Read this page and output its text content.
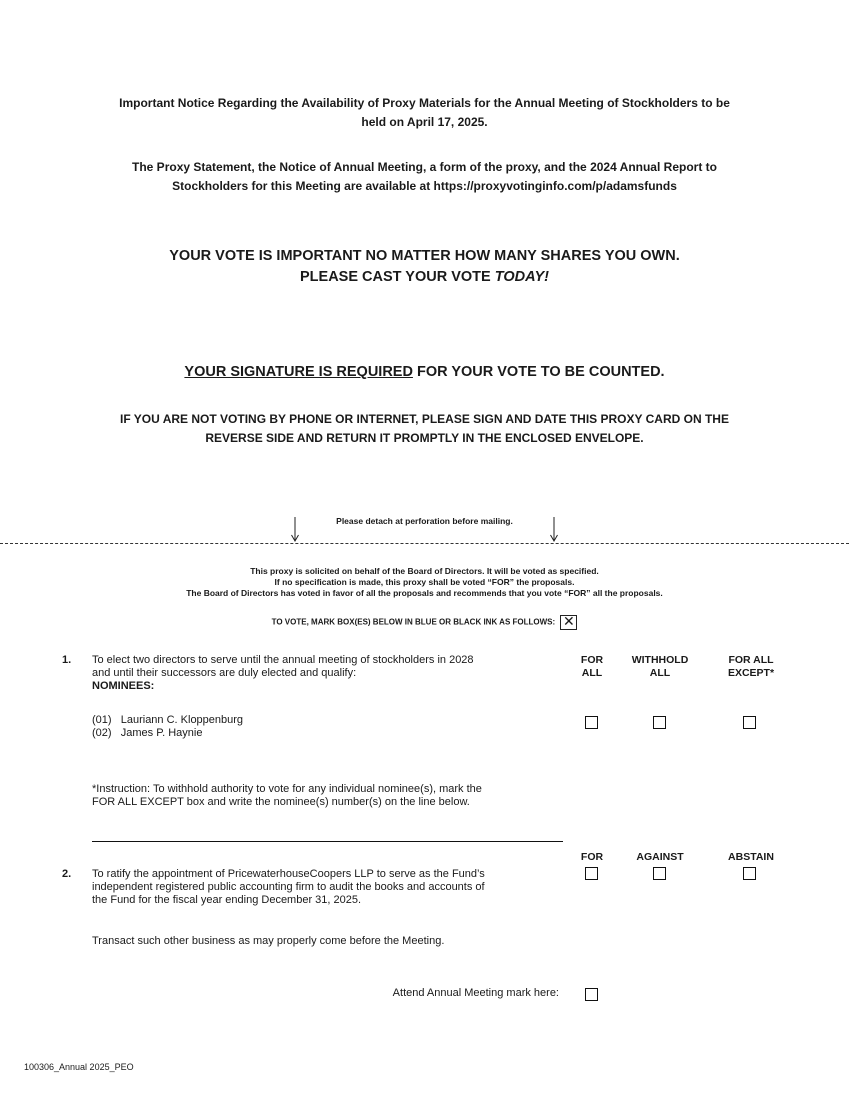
Important Notice Regarding the Availability of Proxy Materials for the Annual Meeting of Stockholders to be
held on April 17, 2025.
The Proxy Statement, the Notice of Annual Meeting, a form of the proxy, and the 2024 Annual Report to
Stockholders for this Meeting are available at https://proxyvotinginfo.com/p/adamsfunds
YOUR VOTE IS IMPORTANT NO MATTER HOW MANY SHARES YOU OWN.
PLEASE CAST YOUR VOTE TODAY!
YOUR SIGNATURE IS REQUIRED FOR YOUR VOTE TO BE COUNTED.
IF YOU ARE NOT VOTING BY PHONE OR INTERNET, PLEASE SIGN AND DATE THIS PROXY CARD ON THE
REVERSE SIDE AND RETURN IT PROMPTLY IN THE ENCLOSED ENVELOPE.
Please detach at perforation before mailing.
This proxy is solicited on behalf of the Board of Directors. It will be voted as specified.
If no specification is made, this proxy shall be voted “FOR” the proposals.
The Board of Directors has voted in favor of all the proposals and recommends that you vote “FOR” all the proposals.
TO VOTE, MARK BOX(ES) BELOW IN BLUE OR BLACK INK AS FOLLOWS: ✕
1. To elect two directors to serve until the annual meeting of stockholders in 2028
and until their successors are duly elected and qualify:
NOMINEES:
FOR
ALL
WITHHOLD
ALL
FOR ALL
EXCEPT*
(01) Lauriann C. Kloppenburg
(02) James P. Haynie
*Instruction: To withhold authority to vote for any individual nominee(s), mark the
FOR ALL EXCEPT box and write the nominee(s) number(s) on the line below.
FOR	AGAINST	ABSTAIN
2. To ratify the appointment of PricewaterhouseCoopers LLP to serve as the Fund’s
independent registered public accounting firm to audit the books and accounts of
the Fund for the fiscal year ending December 31, 2025.
Transact such other business as may properly come before the Meeting.
Attend Annual Meeting mark here:
100306_Annual 2025_PEO
